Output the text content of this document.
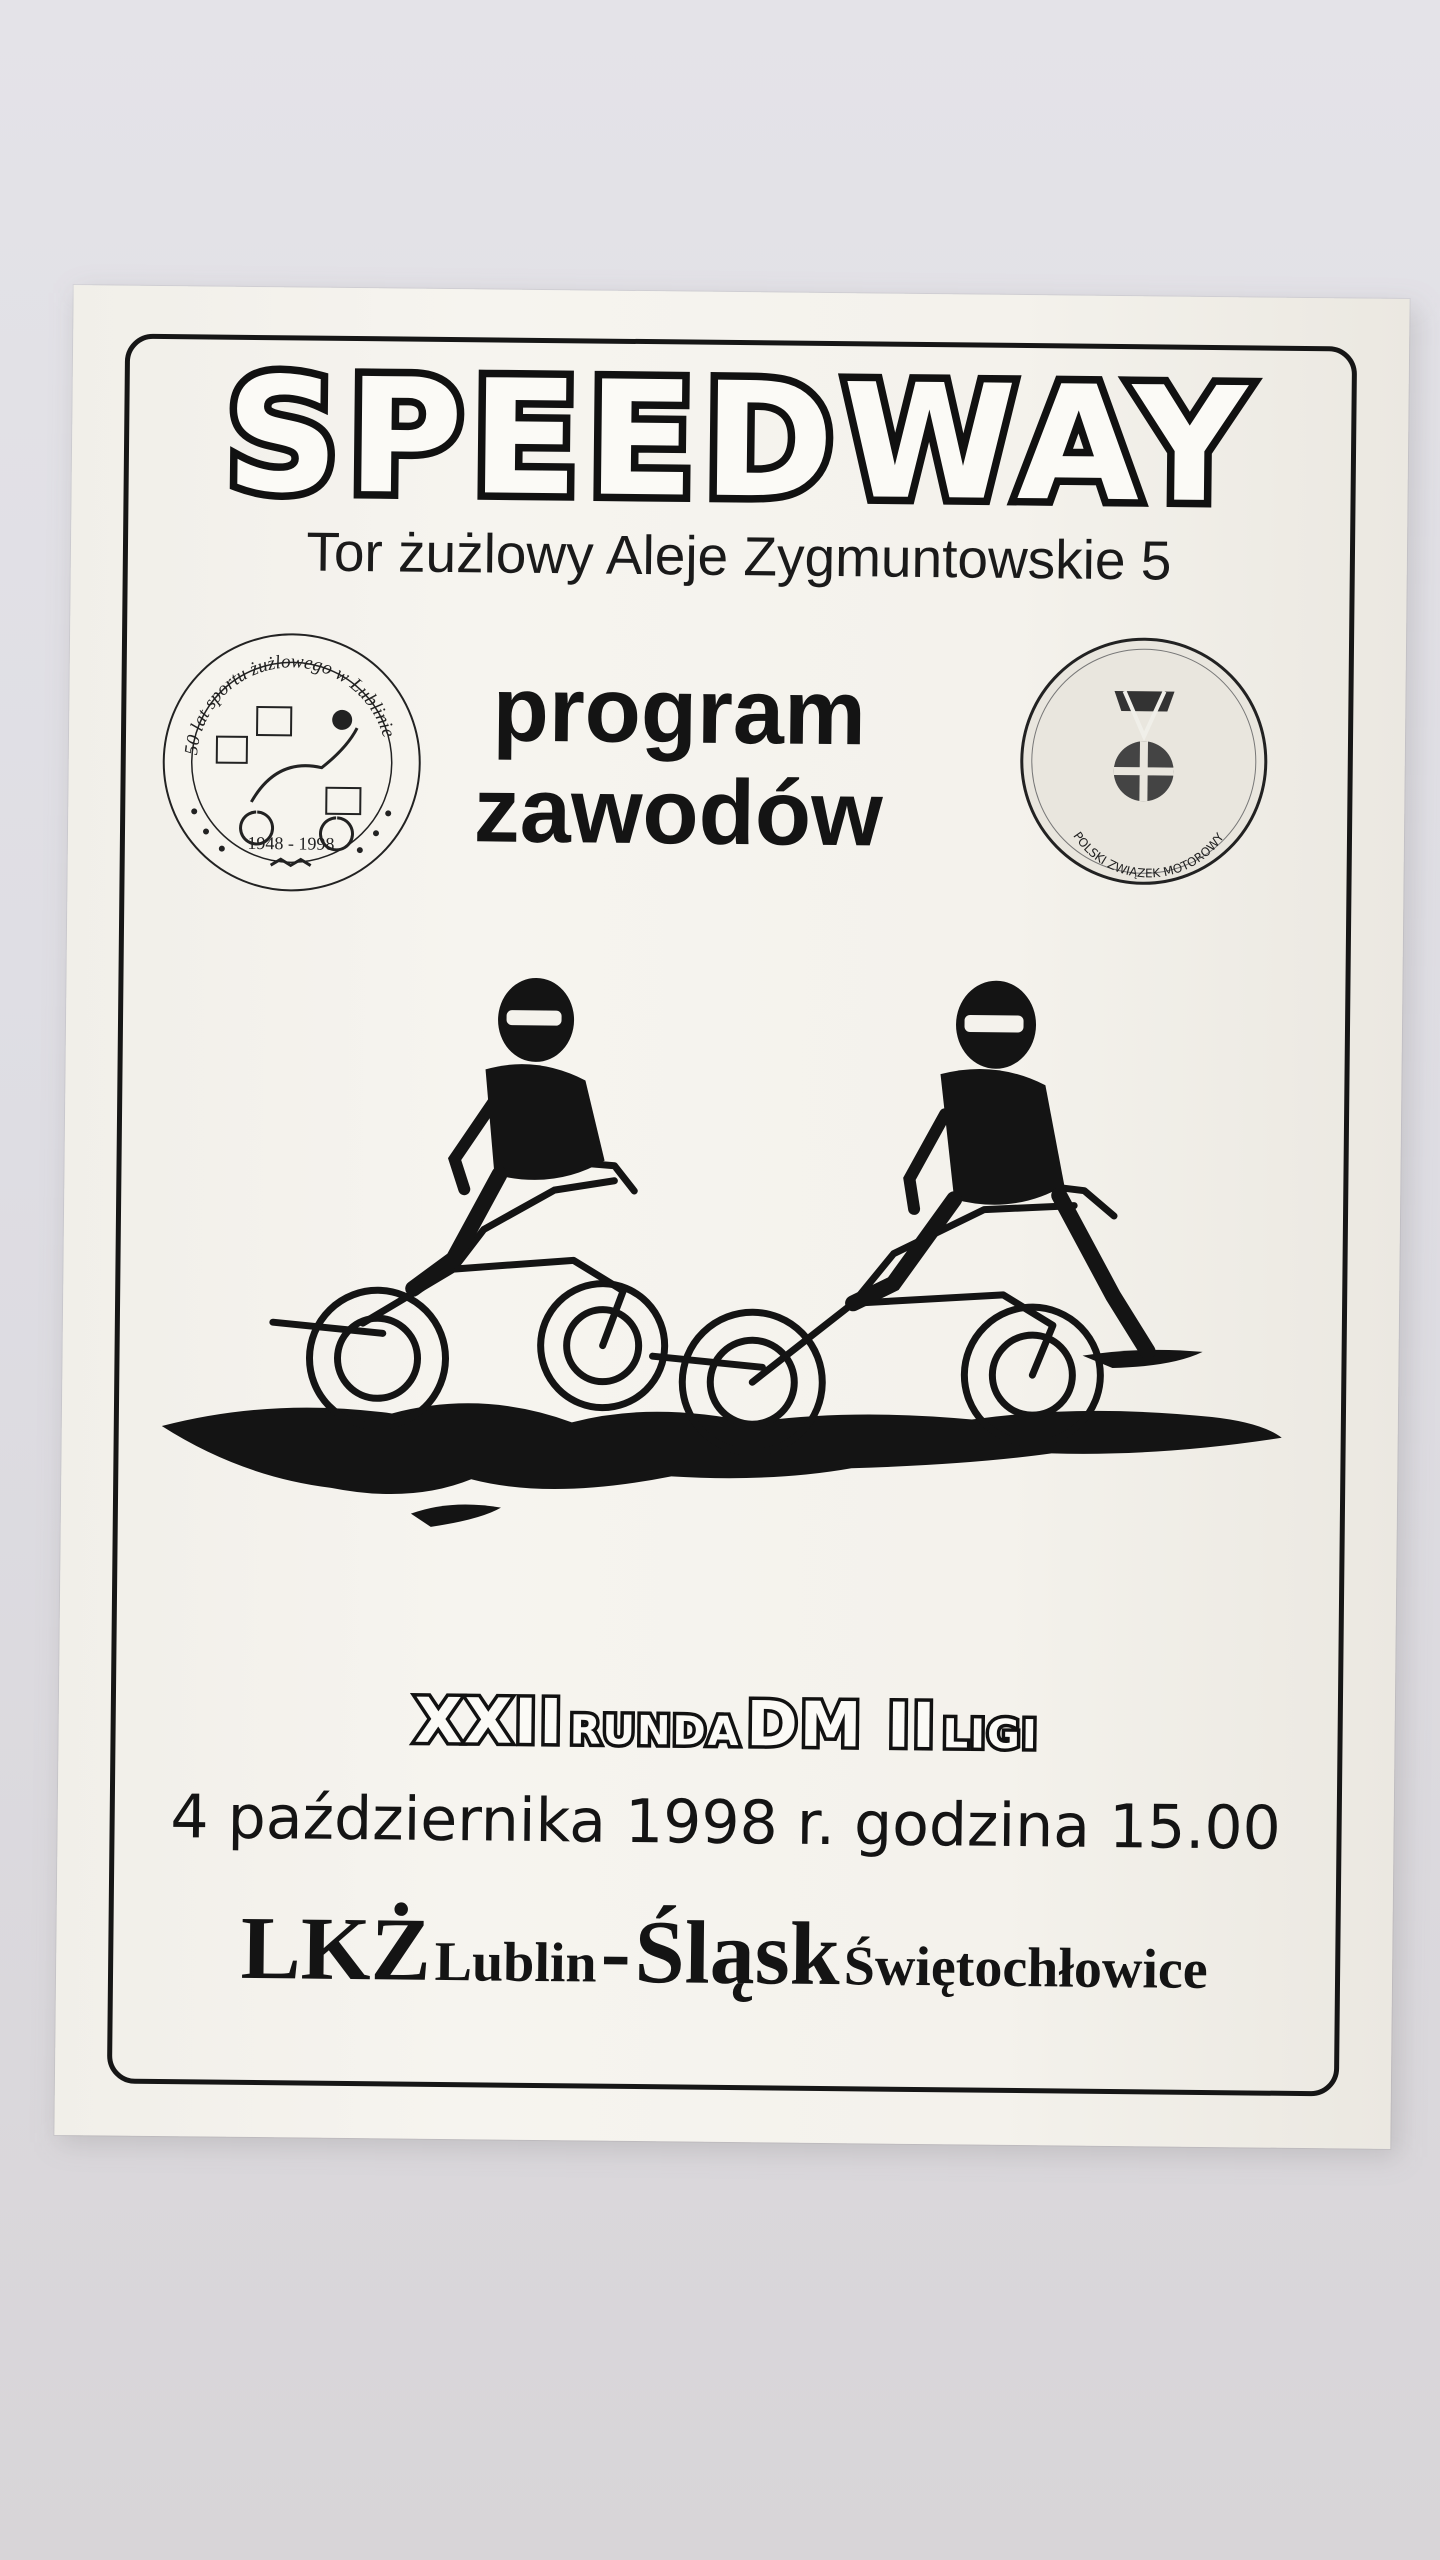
SPEEDWAY
Tor żużlowy Aleje Zygmuntowskie 5
50 lat sportu żużlowego w Lublinie
1948 - 1998
program
zawodów	POLSKI ZWIĄZEK MOTOROWY
XXII RUNDA DM II LIGI
4 października 1998 r. godzina 15.00
LKŻ Lublin - Śląsk Świętochłowice
